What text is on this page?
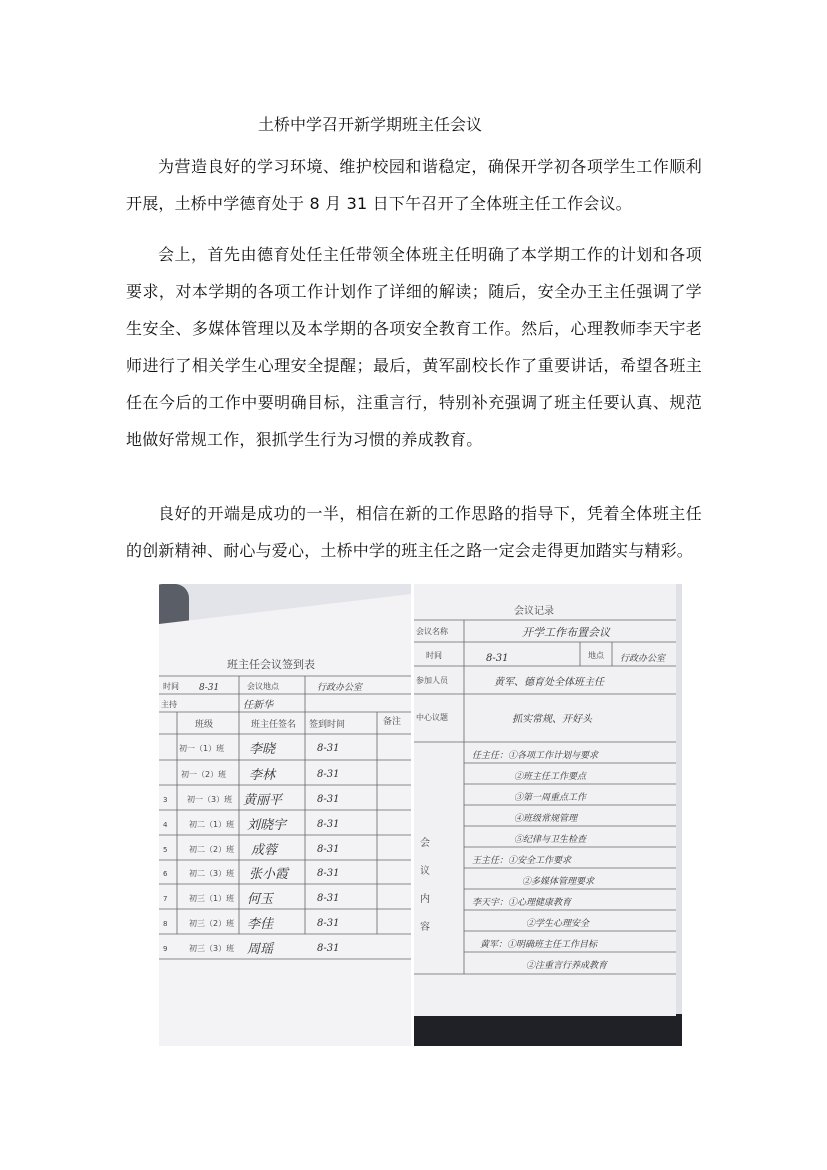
土桥中学召开新学期班主任会议

为营造良好的学习环境、维护校园和谐稳定，确保开学初各项学生工作顺利开展，土桥中学德育处于 8 月 31 日下午召开了全体班主任工作会议。

会上，首先由德育处任主任带领全体班主任明确了本学期工作的计划和各项要求，对本学期的各项工作计划作了详细的解读；随后，安全办王主任强调了学生安全、多媒体管理以及本学期的各项安全教育工作。然后，心理教师李天宇老师进行了相关学生心理安全提醒；最后，黄军副校长作了重要讲话，希望各班主任在今后的工作中要明确目标，注重言行，特别补充强调了班主任要认真、规范地做好常规工作，狠抓学生行为习惯的养成教育。

良好的开端是成功的一半，相信在新的工作思路的指导下，凭着全体班主任的创新精神、耐心与爱心，土桥中学的班主任之路一定会走得更加踏实与精彩。

班主任会议签到表
时间 8-31	会议地点	行政办公室
主持	任新华
班级	班主任签名 签到时间	备注
初一（1）班 李晓	8-31
初一（2）班 李林	8-31
3 初一（3）班 黄丽平	8-31
4	初二（1）班 刘晓宇	8-31
5	初二（2）班 成蓉	8-31
6	初二（3）班 张小霞	8-31
7	初三（1）班 何玉	8-31
8	初三（2）班 李佳	8-31
9	初三（3）班 周瑶	8-31
会议记录
会议名称	开学工作布置会议
时间	8-31	地点 行政办公室
参加人员	黄军、德育处全体班主任
中心议题	抓实常规、开好头
会
议
内
容
任主任：①各项工作计划与要求
②班主任工作要点
③第一周重点工作
④班级常规管理
⑤纪律与卫生检查
王主任：①安全工作要求
②多媒体管理要求
李天宇：①心理健康教育
②学生心理安全
黄军：①明确班主任工作目标
②注重言行养成教育
